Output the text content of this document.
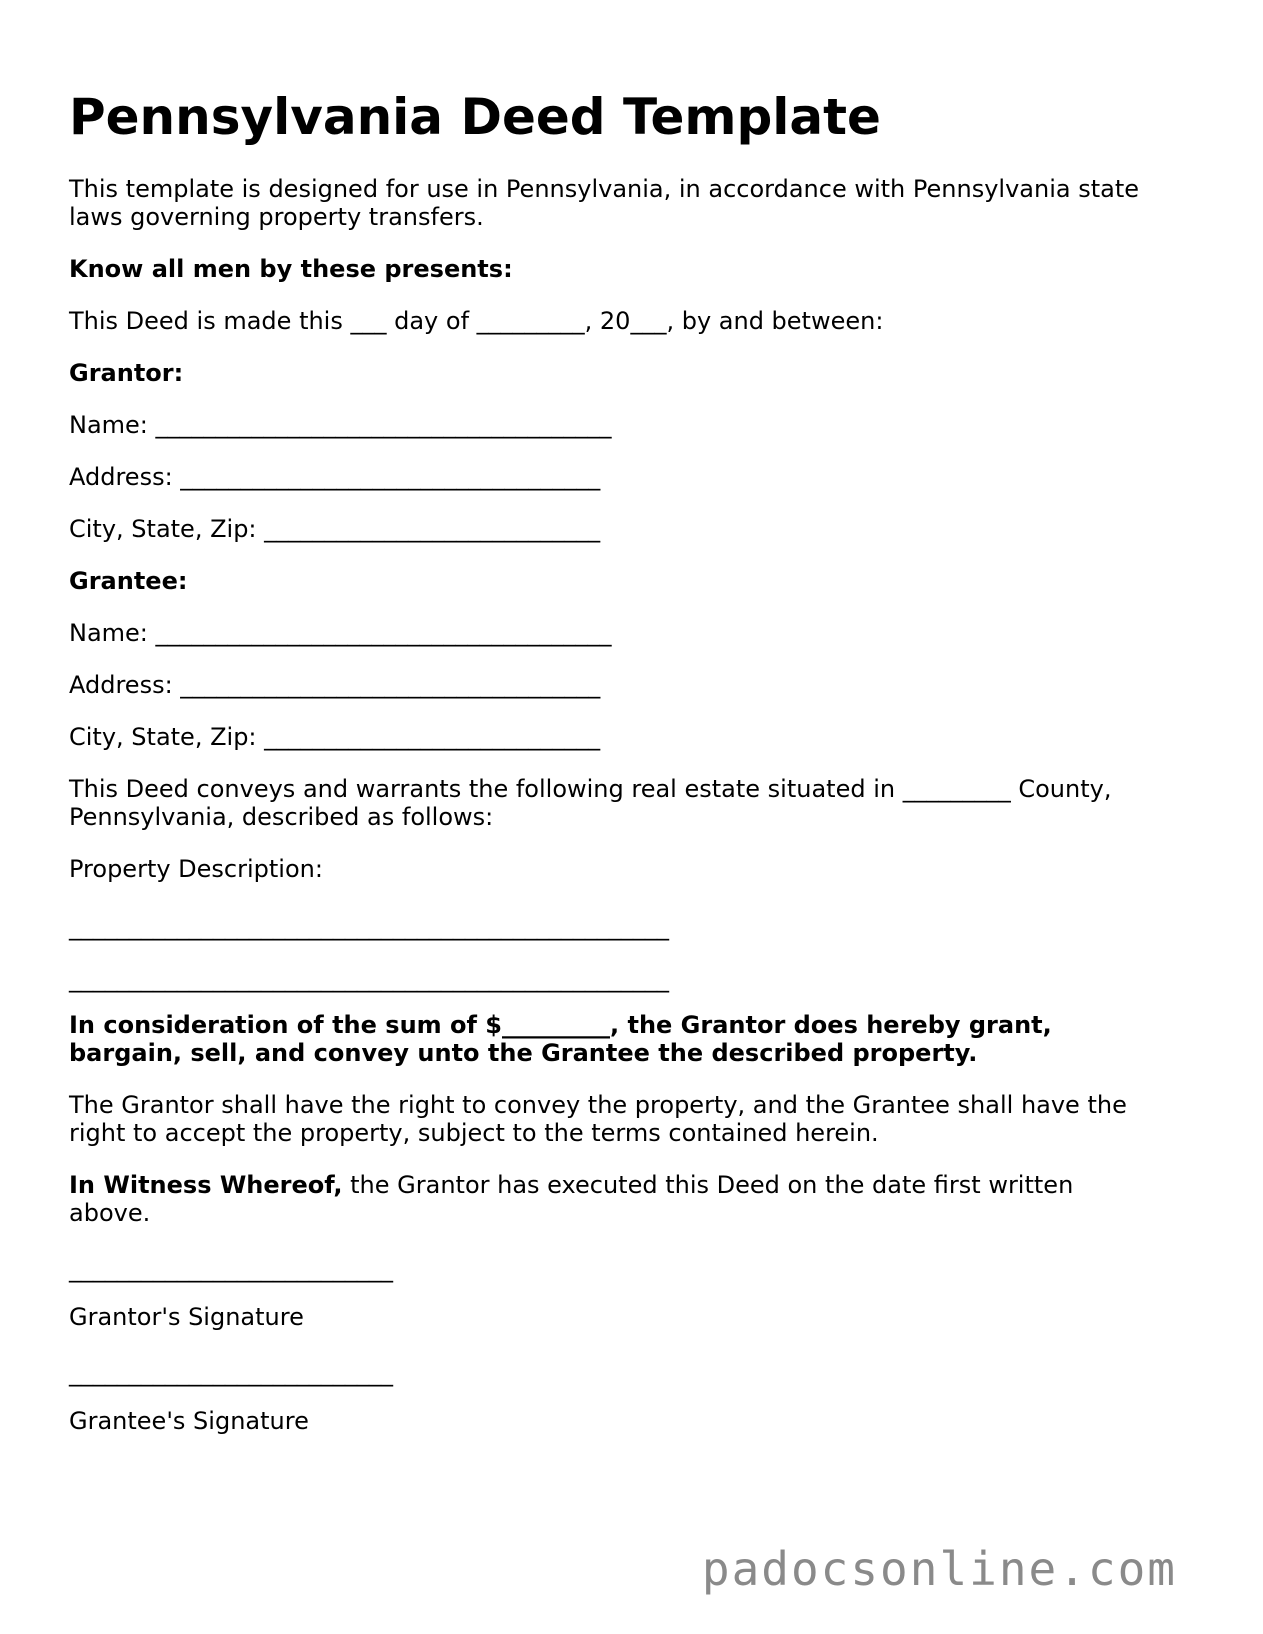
Pennsylvania Deed Template
This template is designed for use in Pennsylvania, in accordance with Pennsylvania state
laws governing property transfers.
Know all men by these presents:
This Deed is made this ___ day of _________, 20___, by and between:
Grantor:
Name: ______________________________________
Address: ___________________________________
City, State, Zip: ____________________________
Grantee:
Name: ______________________________________
Address: ___________________________________
City, State, Zip: ____________________________
This Deed conveys and warrants the following real estate situated in _________ County,
Pennsylvania, described as follows:
Property Description:
__________________________________________________
__________________________________________________
In consideration of the sum of $_________, the Grantor does hereby grant,
bargain, sell, and convey unto the Grantee the described property.
The Grantor shall have the right to convey the property, and the Grantee shall have the
right to accept the property, subject to the terms contained herein.
In Witness Whereof, the Grantor has executed this Deed on the date first written
above.
___________________________
Grantor's Signature
___________________________
Grantee's Signature
padocsonline.com
